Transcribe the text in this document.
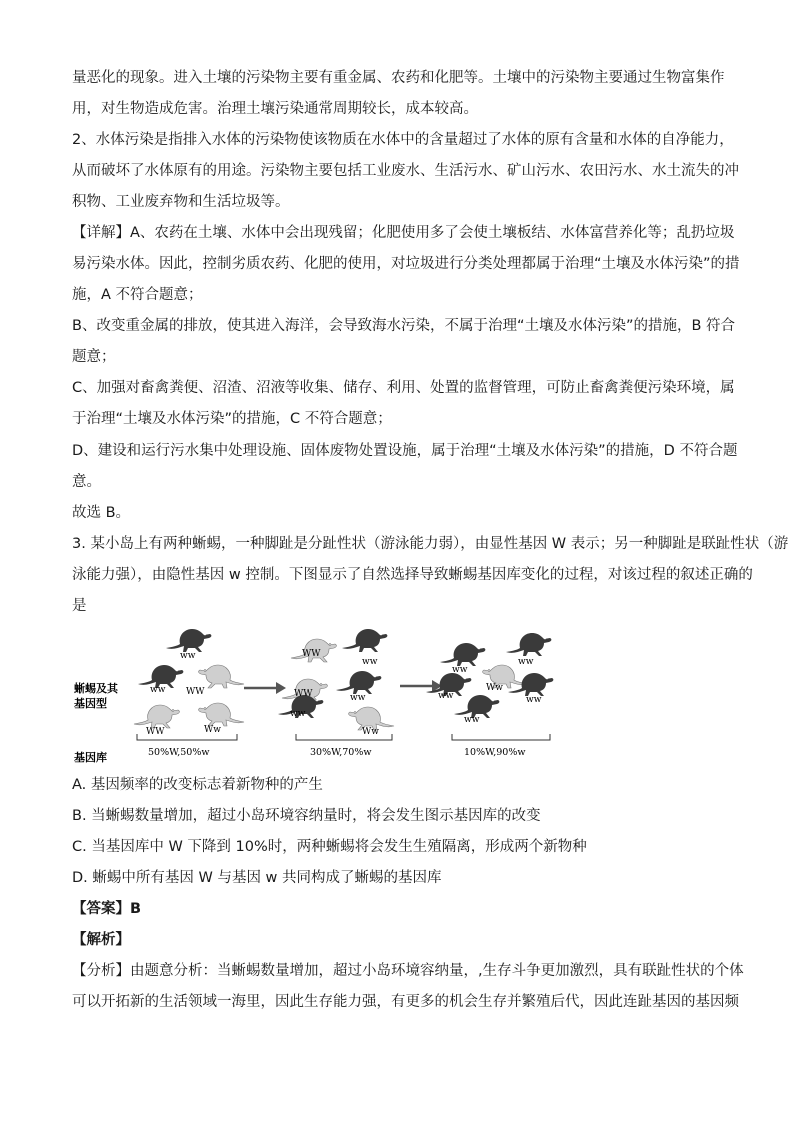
量恶化的现象。进入土壤的污染物主要有重金属、农药和化肥等。土壤中的污染物主要通过生物富集作
用，对生物造成危害。治理土壤污染通常周期较长，成本较高。
2、水体污染是指排入水体的污染物使该物质在水体中的含量超过了水体的原有含量和水体的自净能力，
从而破坏了水体原有的用途。污染物主要包括工业废水、生活污水、矿山污水、农田污水、水土流失的冲
积物、工业废弃物和生活垃圾等。
【详解】A、农药在土壤、水体中会出现残留；化肥使用多了会使土壤板结、水体富营养化等；乱扔垃圾
易污染水体。因此，控制劣质农药、化肥的使用，对垃圾进行分类处理都属于治理“土壤及水体污染”的措
施，A 不符合题意；
B、改变重金属的排放，使其进入海洋，会导致海水污染，不属于治理“土壤及水体污染”的措施，B 符合
题意；
C、加强对畜禽粪便、沼渣、沼液等收集、储存、利用、处置的监督管理，可防止畜禽粪便污染环境，属
于治理“土壤及水体污染”的措施，C 不符合题意；
D、建设和运行污水集中处理设施、固体废物处置设施，属于治理“土壤及水体污染”的措施，D 不符合题
意。
故选 B。
3. 某小岛上有两种蜥蜴，一种脚趾是分趾性状（游泳能力弱），由显性基因 W 表示；另一种脚趾是联趾性状（游
泳能力强），由隐性基因 w 控制。下图显示了自然选择导致蜥蜴基因库变化的过程，对该过程的叙述正确的
是
蜥蜴及其
基因型
基因库
ww
ww WW
WW	Ww
50%W,50%w
WW
ww
ww
ww
WW
Ww
30%W,70%w
ww
ww
Ww
ww	ww
ww
10%W,90%w
A. 基因频率的改变标志着新物种的产生
B. 当蜥蜴数量增加，超过小岛环境容纳量时，将会发生图示基因库的改变
C. 当基因库中 W 下降到 10%时，两种蜥蜴将会发生生殖隔离，形成两个新物种
D. 蜥蜴中所有基因 W 与基因 w 共同构成了蜥蜴的基因库
【答案】B
【解析】
【分析】由题意分析：当蜥蜴数量增加，超过小岛环境容纳量，,生存斗争更加激烈，具有联趾性状的个体
可以开拓新的生活领域一海里，因此生存能力强，有更多的机会生存并繁殖后代，因此连趾基因的基因频
